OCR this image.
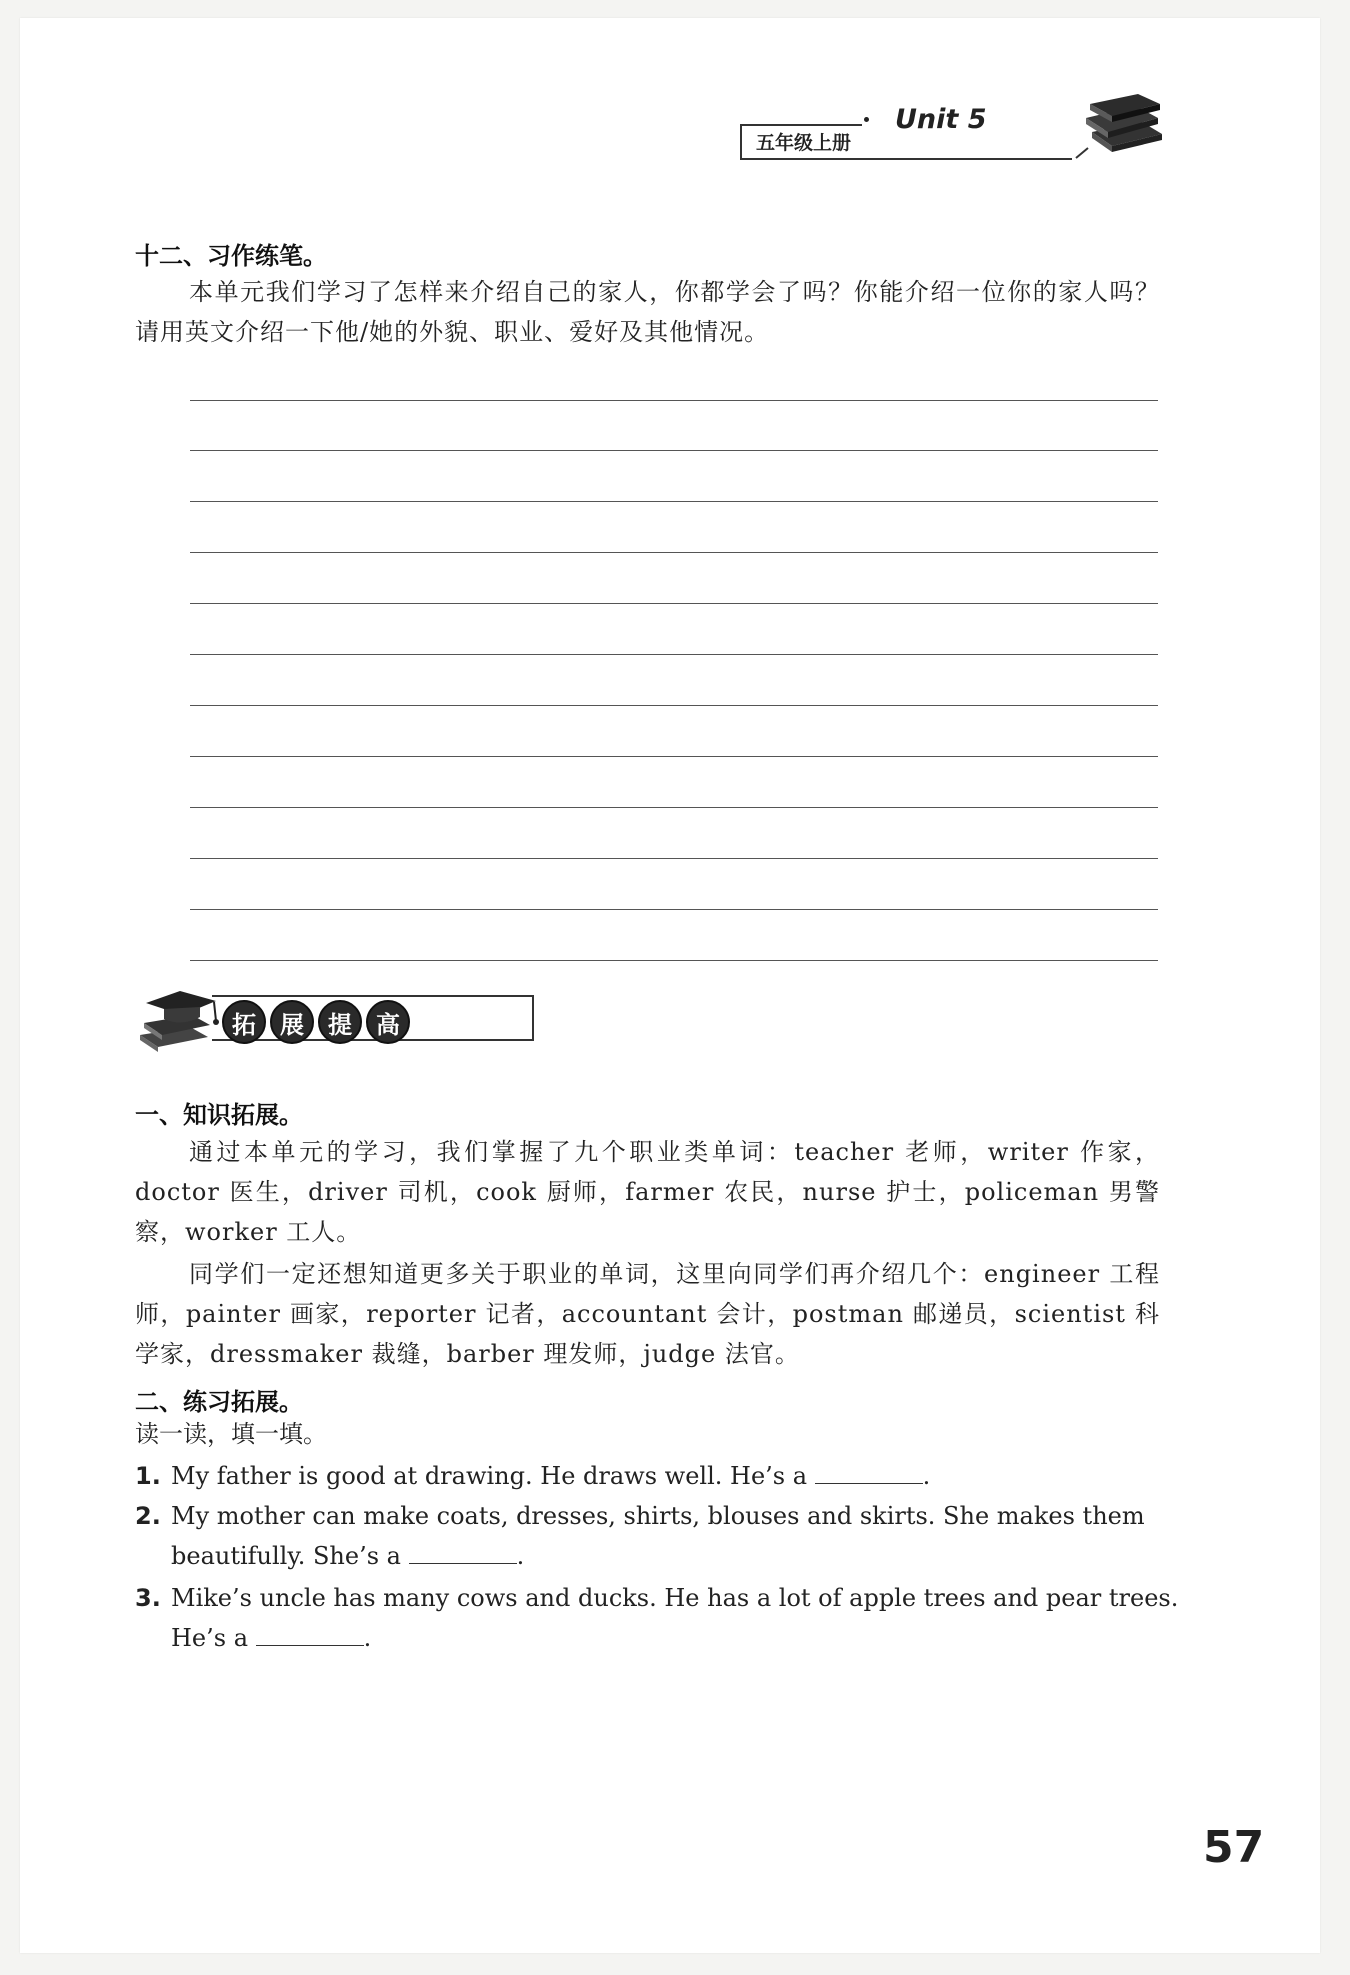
Unit 5
五年级上册
十二、习作练笔。

本单元我们学习了怎样来介绍自己的家人，你都学会了吗？你能介绍一位你的家人吗？请用英文介绍一下他/她的外貌、职业、爱好及其他情况。

拓	展	提	高
一、知识拓展。

通过本单元的学习，我们掌握了九个职业类单词：teacher 老师，writer 作家，doctor 医生，driver 司机，cook 厨师，farmer 农民，nurse 护士，policeman 男警察，worker 工人。

同学们一定还想知道更多关于职业的单词，这里向同学们再介绍几个：engineer 工程师，painter 画家，reporter 记者，accountant 会计，postman 邮递员，scientist 科学家，dressmaker 裁缝，barber 理发师，judge 法官。

二、练习拓展。
读一读，填一填。
1. My father is good at drawing. He draws well. He’s a	.
2. My mother can make coats, dresses, shirts, blouses and skirts. She makes them
beautifully. She’s a	.
3. Mike’s uncle has many cows and ducks. He has a lot of apple trees and pear trees.
He’s a	.
57
